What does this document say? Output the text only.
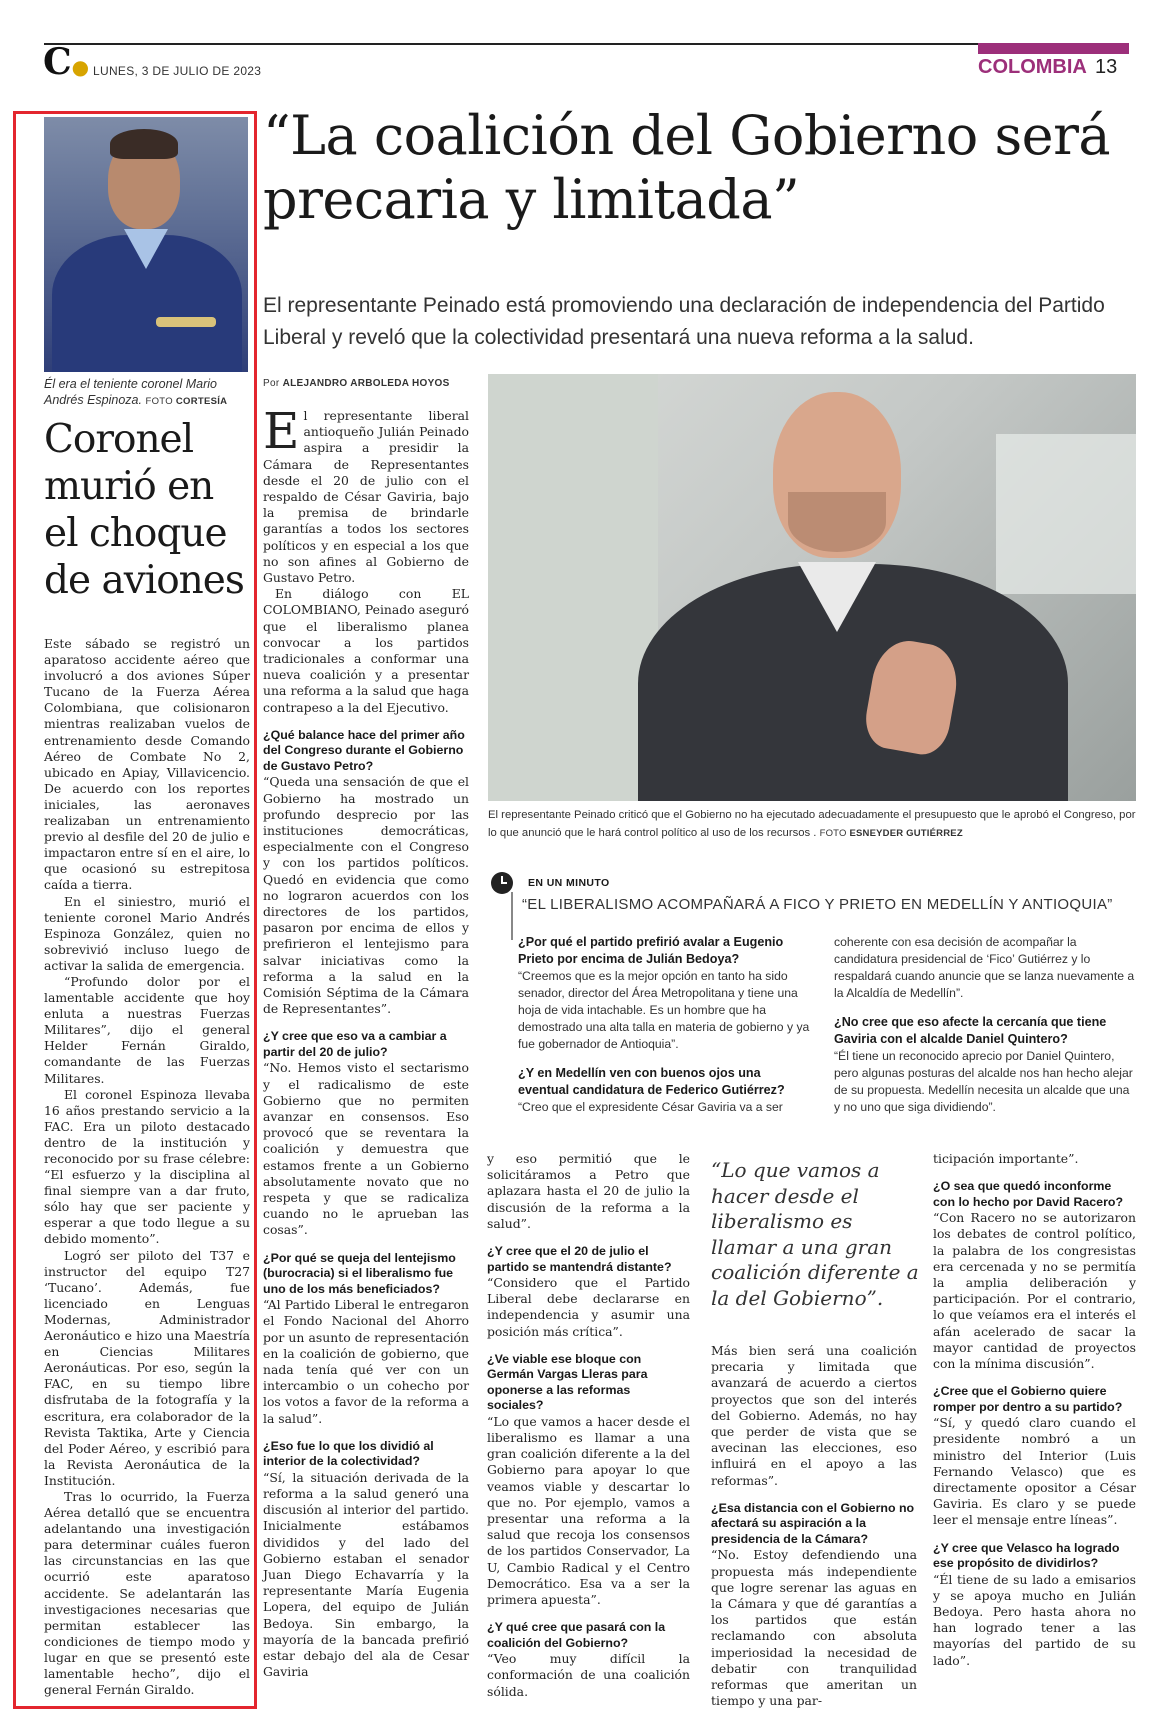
C● LUNES, 3 DE JULIO DE 2023	COLOMBIA 13
“La coalición del Gobierno será precaria y limitada”
El representante Peinado está promoviendo una declaración de independencia del Partido Liberal y reveló que la colectividad presentará una nueva reforma a la salud.
Él era el teniente coronel Mario Andrés Espinoza. FOTO CORTESÍA
Coronel murió en el choque de aviones

Este sábado se registró un aparatoso accidente aéreo que involucró a dos aviones Súper Tucano de la Fuerza Aérea Colombiana, que colisionaron mientras realizaban vuelos de entrenamiento desde Comando Aéreo de Combate No 2, ubicado en Apiay, Villavicencio. De acuerdo con los reportes iniciales, las aeronaves realizaban un entrenamiento previo al desfile del 20 de julio e impactaron entre sí en el aire, lo que ocasionó su estrepitosa caída a tierra.

En el siniestro, murió el teniente coronel Mario Andrés Espinoza González, quien no sobrevivió incluso luego de activar la salida de emergencia.

“Profundo dolor por el lamentable accidente que hoy enluta a nuestras Fuerzas Militares”, dijo el general Helder Fernán Giraldo, comandante de las Fuerzas Militares.

El coronel Espinoza llevaba 16 años prestando servicio a la FAC. Era un piloto destacado dentro de la institución y reconocido por su frase célebre: “El esfuerzo y la disciplina al final siempre van a dar fruto, sólo hay que ser paciente y esperar a que todo llegue a su debido momento”.

Logró ser piloto del T37 e instructor del equipo T27 ‘Tucano’. Además, fue licenciado en Lenguas Modernas, Administrador Aeronáutico e hizo una Maestría en Ciencias Militares Aeronáuticas. Por eso, según la FAC, en su tiempo libre disfrutaba de la fotografía y la escritura, era colaborador de la Revista Taktika, Arte y Ciencia del Poder Aéreo, y escribió para la Revista Aeronáutica de la Institución.

Tras lo ocurrido, la Fuerza Aérea detalló que se encuentra adelantando una investigación para determinar cuáles fueron las circunstancias en las que ocurrió este aparatoso accidente. Se adelantarán las investigaciones necesarias que permitan establecer las condiciones de tiempo modo y lugar en que se presentó este lamentable hecho”, dijo el general Fernán Giraldo.

Por ALEJANDRO ARBOLEDA HOYOS

El representante liberal antioqueño Julián Peinado aspira a presidir la Cámara de Representantes desde el 20 de julio con el respaldo de César Gaviria, bajo la premisa de brindarle garantías a todos los sectores políticos y en especial a los que no son afines al Gobierno de Gustavo Petro.

En diálogo con EL COLOMBIANO, Peinado aseguró que el liberalismo planea convocar a los partidos tradicionales a conformar una nueva coalición y a presentar una reforma a la salud que haga contrapeso a la del Ejecutivo.

¿Qué balance hace del primer año del Congreso durante el Gobierno de Gustavo Petro?

“Queda una sensación de que el Gobierno ha mostrado un profundo desprecio por las instituciones democráticas, especialmente con el Congreso y con los partidos políticos. Quedó en evidencia que como no lograron acuerdos con los directores de los partidos, pasaron por encima de ellos y prefirieron el lentejismo para salvar iniciativas como la reforma a la salud en la Comisión Séptima de la Cámara de Representantes”.

¿Y cree que eso va a cambiar a partir del 20 de julio?

“No. Hemos visto el sectarismo y el radicalismo de este Gobierno que no permiten avanzar en consensos. Eso provocó que se reventara la coalición y demuestra que estamos frente a un Gobierno absolutamente novato que no respeta y que se radicaliza cuando no le aprueban las cosas”.

¿Por qué se queja del lentejismo (burocracia) si el liberalismo fue uno de los más beneficiados?

“Al Partido Liberal le entregaron el Fondo Nacional del Ahorro por un asunto de representación en la coalición de gobierno, que nada tenía qué ver con un intercambio o un cohecho por los votos a favor de la reforma a la salud”.

¿Eso fue lo que los dividió al interior de la colectividad?

“Sí, la situación derivada de la reforma a la salud generó una discusión al interior del partido. Inicialmente estábamos divididos y del lado del Gobierno estaban el senador Juan Diego Echavarría y la representante María Eugenia Lopera, del equipo de Julián Bedoya. Sin embargo, la mayoría de la bancada prefirió estar debajo del ala de Cesar Gaviria

El representante Peinado criticó que el Gobierno no ha ejecutado adecuadamente el presupuesto que le aprobó el Congreso, por lo que anunció que le hará control político al uso de los recursos . FOTO ESNEYDER GUTIÉRREZ
EN UN MINUTO
“EL LIBERALISMO ACOMPAÑARÁ A FICO Y PRIETO EN MEDELLÍN Y ANTIOQUIA”

¿Por qué el partido prefirió avalar a Eugenio Prieto por encima de Julián Bedoya?

“Creemos que es la mejor opción en tanto ha sido senador, director del Área Metropolitana y tiene una hoja de vida intachable. Es un hombre que ha demostrado una alta talla en materia de gobierno y ya fue gobernador de Antioquia”.

¿Y en Medellín ven con buenos ojos una eventual candidatura de Federico Gutiérrez?

“Creo que el expresidente César Gaviria va a ser

coherente con esa decisión de acompañar la candidatura presidencial de ‘Fico’ Gutiérrez y lo respaldará cuando anuncie que se lanza nuevamente a la Alcaldía de Medellín”.

¿No cree que eso afecte la cercanía que tiene Gaviria con el alcalde Daniel Quintero?

“Él tiene un reconocido aprecio por Daniel Quintero, pero algunas posturas del alcalde nos han hecho alejar de su propuesta. Medellín necesita un alcalde que una y no uno que siga dividiendo”.

y eso permitió que le solicitáramos a Petro que aplazara hasta el 20 de julio la discusión de la reforma a la salud”.

¿Y cree que el 20 de julio el partido se mantendrá distante?

“Considero que el Partido Liberal debe declararse en independencia y asumir una posición más crítica”.

¿Ve viable ese bloque con Germán Vargas Lleras para oponerse a las reformas sociales?

“Lo que vamos a hacer desde el liberalismo es llamar a una gran coalición diferente a la del Gobierno para apoyar lo que veamos viable y descartar lo que no. Por ejemplo, vamos a presentar una reforma a la salud que recoja los consensos de los partidos Conservador, La U, Cambio Radical y el Centro Democrático. Esa va a ser la primera apuesta”.

¿Y qué cree que pasará con la coalición del Gobierno?

“Veo muy difícil la conformación de una coalición sólida.

“Lo que vamos a hacer desde el liberalismo es llamar a una gran coalición diferente a la del Gobierno”.

Más bien será una coalición precaria y limitada que avanzará de acuerdo a ciertos proyectos que son del interés del Gobierno. Además, no hay que perder de vista que se avecinan las elecciones, eso influirá en el apoyo a las reformas”.

¿Esa distancia con el Gobierno no afectará su aspiración a la presidencia de la Cámara?

“No. Estoy defendiendo una propuesta más independiente que logre serenar las aguas en la Cámara y que dé garantías a los partidos que están reclamando con absoluta imperiosidad la necesidad de debatir con tranquilidad reformas que ameritan un tiempo y una par-

ticipación importante”.

¿O sea que quedó inconforme con lo hecho por David Racero?

“Con Racero no se autorizaron los debates de control político, la palabra de los congresistas era cercenada y no se permitía la amplia deliberación y participación. Por el contrario, lo que veíamos era el interés el afán acelerado de sacar la mayor cantidad de proyectos con la mínima discusión”.

¿Cree que el Gobierno quiere romper por dentro a su partido?

“Sí, y quedó claro cuando el presidente nombró a un ministro del Interior (Luis Fernando Velasco) que es directamente opositor a César Gaviria. Es claro y se puede leer el mensaje entre líneas”.

¿Y cree que Velasco ha logrado ese propósito de dividirlos?

“Él tiene de su lado a emisarios y se apoya mucho en Julián Bedoya. Pero hasta ahora no han logrado tener a las mayorías del partido de su lado”.
